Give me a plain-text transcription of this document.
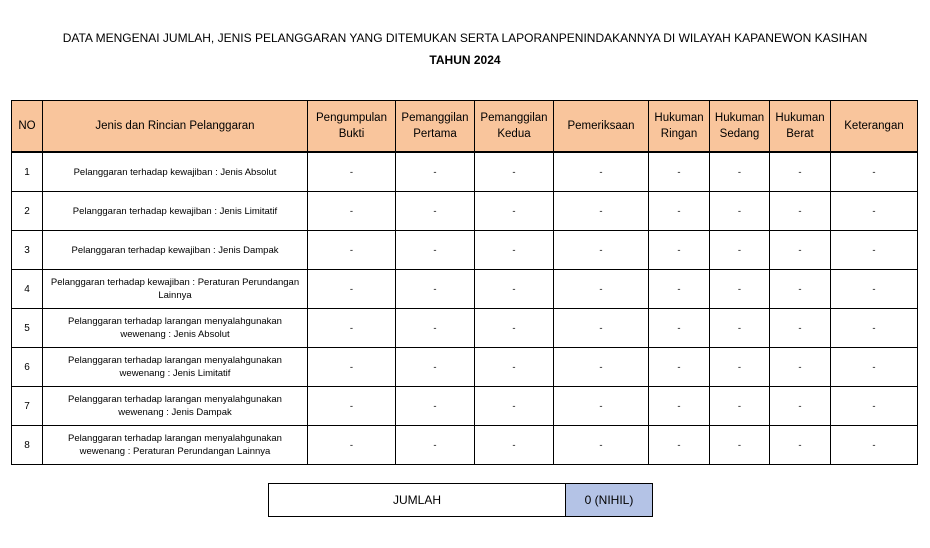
DATA MENGENAI JUMLAH, JENIS PELANGGARAN YANG DITEMUKAN SERTA LAPORANPENINDAKANNYA DI WILAYAH KAPANEWON KASIHAN
TAHUN 2024
NO	Jenis dan Rincian Pelanggaran	Pengumpulan Bukti	Pemanggilan Pertama	Pemanggilan Kedua	Pemeriksaan	Hukuman Ringan	Hukuman Sedang	Hukuman Berat	Keterangan
1	Pelanggaran terhadap kewajiban : Jenis Absolut	-	-	-	-	-	-	-	-
2	Pelanggaran terhadap kewajiban : Jenis Limitatif	-	-	-	-	-	-	-	-
3	Pelanggaran terhadap kewajiban : Jenis Dampak	-	-	-	-	-	-	-	-
4	Pelanggaran terhadap kewajiban : Peraturan Perundangan Lainnya	-	-	-	-	-	-	-	-
5	Pelanggaran terhadap larangan menyalahgunakan wewenang : Jenis Absolut	-	-	-	-	-	-	-	-
6	Pelanggaran terhadap larangan menyalahgunakan wewenang : Jenis Limitatif	-	-	-	-	-	-	-	-
7	Pelanggaran terhadap larangan menyalahgunakan wewenang : Jenis Dampak	-	-	-	-	-	-	-	-
8	Pelanggaran terhadap larangan menyalahgunakan wewenang : Peraturan Perundangan Lainnya	-	-	-	-	-	-	-	-
JUMLAH	0 (NIHIL)
